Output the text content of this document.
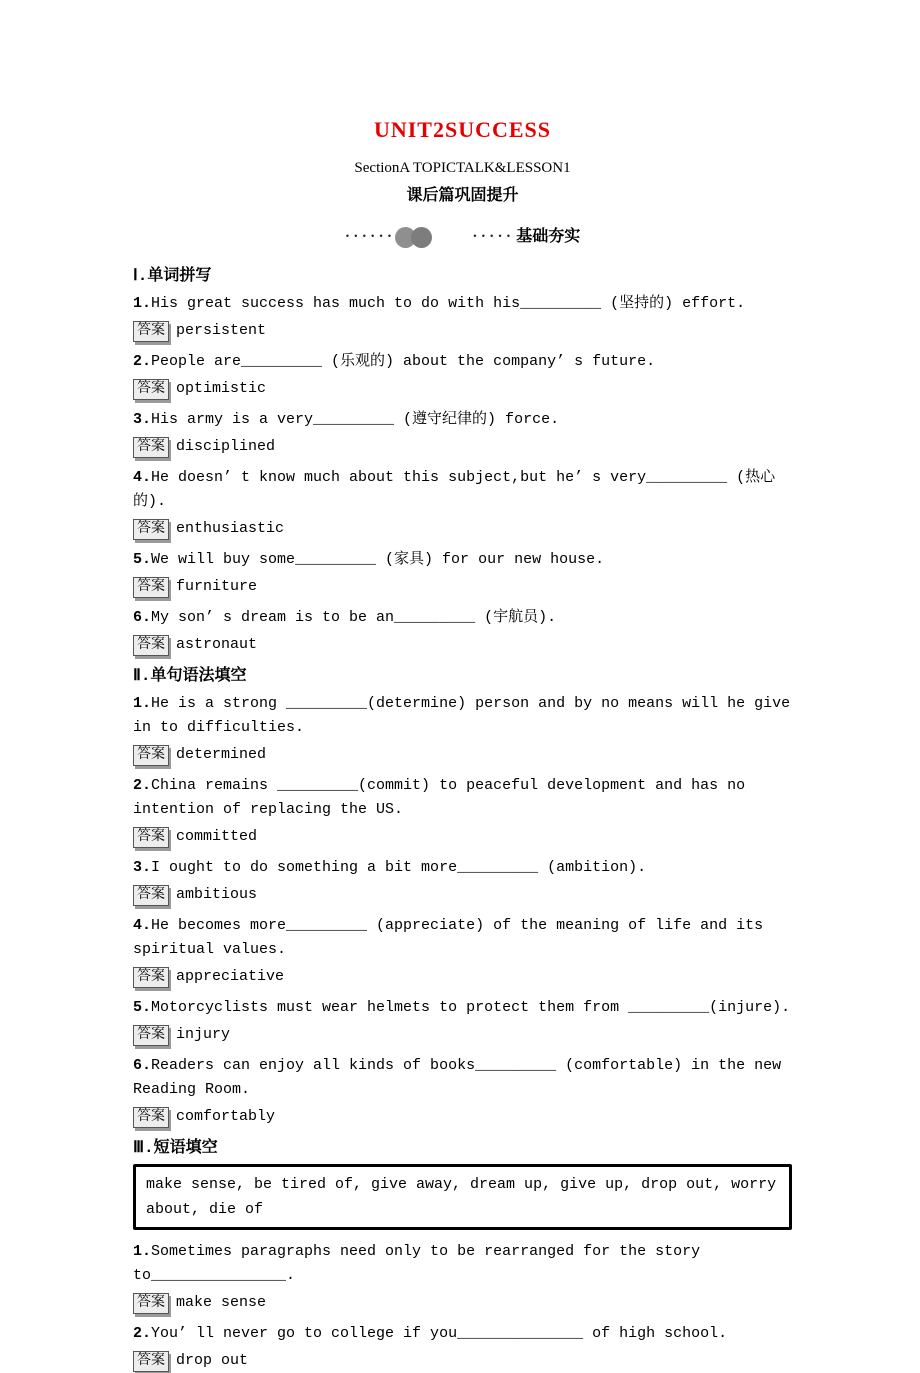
UNIT2SUCCESS

SectionA TOPICTALK&LESSON1

课后篇巩固提升

••••••	••••• 基础夯实

Ⅰ.单词拼写

1.His great success has much to do with his_________ (坚持的) effort.

答案 persistent

2.People are_________ (乐观的) about the company’ s future.

答案 optimistic

3.His army is a very_________ (遵守纪律的) force.

答案 disciplined

4.He doesn’ t know much about this subject,but he’ s very_________ (热心的).

答案 enthusiastic

5.We will buy some_________ (家具) for our new house.

答案 furniture

6.My son’ s dream is to be an_________ (宇航员).

答案 astronaut

Ⅱ.单句语法填空

1.He is a strong _________(determine) person and by no means will he give in to difficulties.

答案 determined

2.China remains _________(commit) to peaceful development and has no intention of replacing the US.

答案 committed

3.I ought to do something a bit more_________ (ambition).

答案 ambitious

4.He becomes more_________ (appreciate) of the meaning of life and its spiritual values.

答案 appreciative

5.Motorcyclists must wear helmets to protect them from _________(injure).

答案 injury

6.Readers can enjoy all kinds of books_________ (comfortable) in the new Reading Room.

答案 comfortably

Ⅲ.短语填空

make sense, be tired of, give away, dream up, give up, drop out, worry about, die of

1.Sometimes paragraphs need only to be rearranged for the story to_______________.

答案 make sense

2.You’ ll never go to college if you______________ of high school.

答案 drop out
